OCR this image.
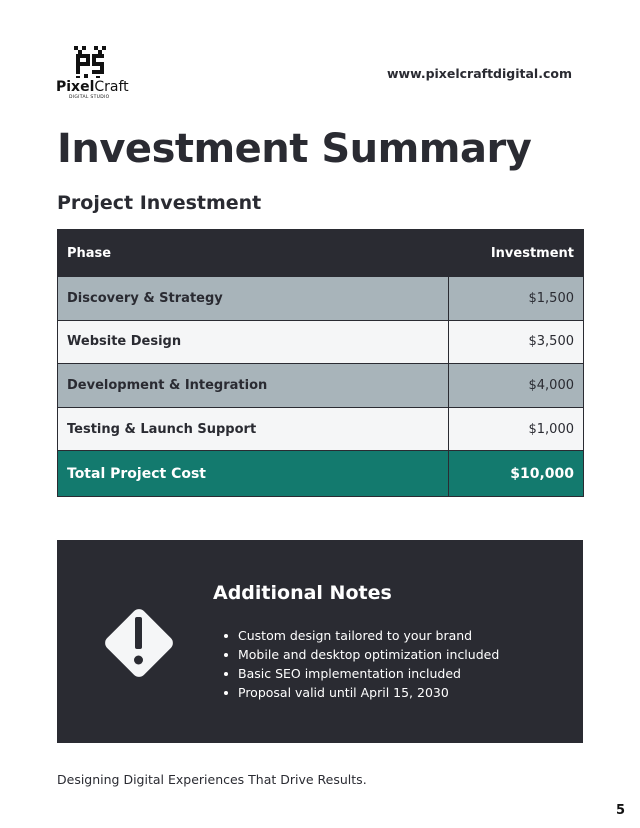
PixelCraft
DIGITAL STUDIO
www.pixelcraftdigital.com
Investment Summary
Project Investment
Phase	Investment
Discovery & Strategy	$1,500
Website Design	$3,500
Development & Integration	$4,000
Testing & Launch Support	$1,000
Total Project Cost	$10,000
Additional Notes
Custom design tailored to your brand
Mobile and desktop optimization included
Basic SEO implementation included
Proposal valid until April 15, 2030
Designing Digital Experiences That Drive Results.
5
